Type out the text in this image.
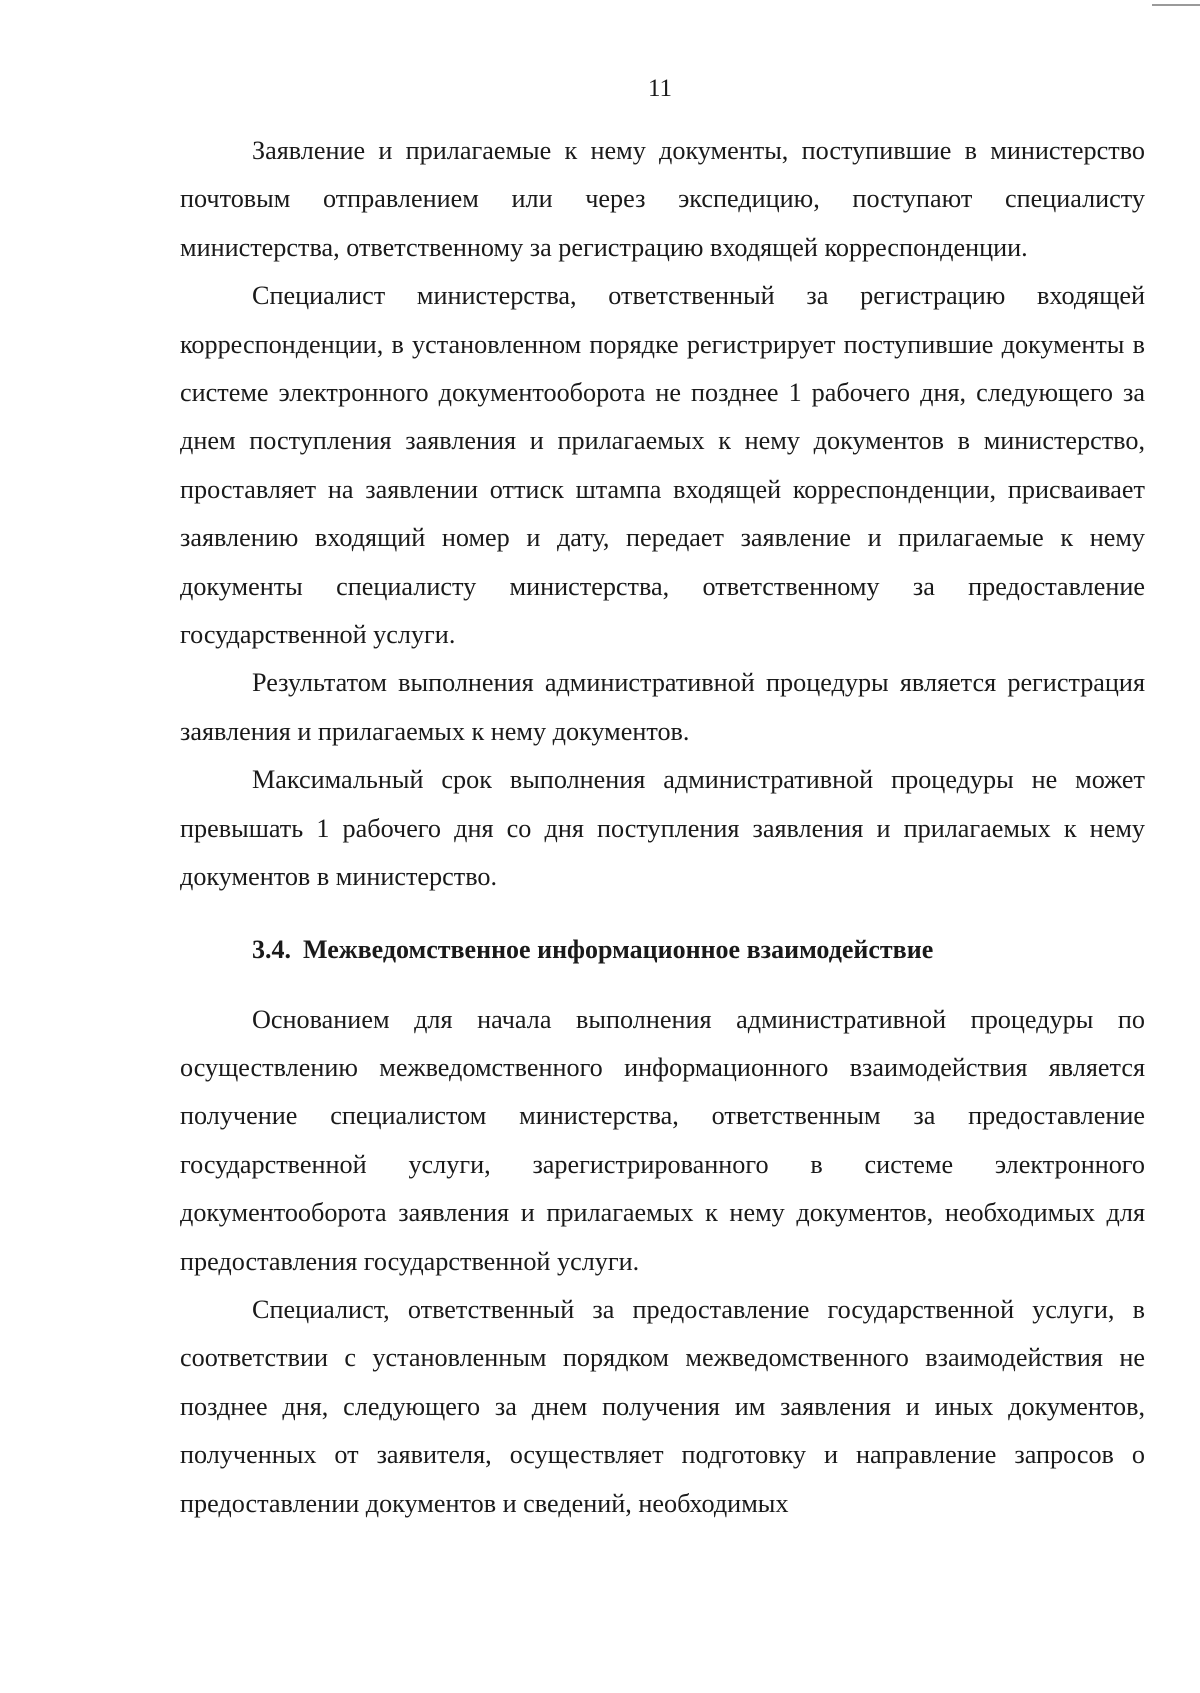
11

Заявление и прилагаемые к нему документы, поступившие в министерство почтовым отправлением или через экспедицию, поступают специалисту министерства, ответственному за регистрацию входящей корреспонденции.

Специалист министерства, ответственный за регистрацию входящей корреспонденции, в установленном порядке регистрирует поступившие документы в системе электронного документооборота не позднее 1 рабочего дня, следующего за днем поступления заявления и прилагаемых к нему документов в министерство, проставляет на заявлении оттиск штампа входящей корреспонденции, присваивает заявлению входящий номер и дату, передает заявление и прилагаемые к нему документы специалисту министерства, ответственному за предоставление государственной услуги.

Результатом выполнения административной процедуры является регистрация заявления и прилагаемых к нему документов.

Максимальный срок выполнения административной процедуры не может превышать 1 рабочего дня со дня поступления заявления и прилагаемых к нему документов в министерство.

3.4. Межведомственное информационное взаимодействие

Основанием для начала выполнения административной процедуры по осуществлению межведомственного информационного взаимодействия является получение специалистом министерства, ответственным за предоставление государственной услуги, зарегистрированного в системе электронного документооборота заявления и прилагаемых к нему документов, необходимых для предоставления государственной услуги.

Специалист, ответственный за предоставление государственной услуги, в соответствии с установленным порядком межведомственного взаимодействия не позднее дня, следующего за днем получения им заявления и иных документов, полученных от заявителя, осуществляет подготовку и направление запросов о предоставлении документов и сведений, необходимых
